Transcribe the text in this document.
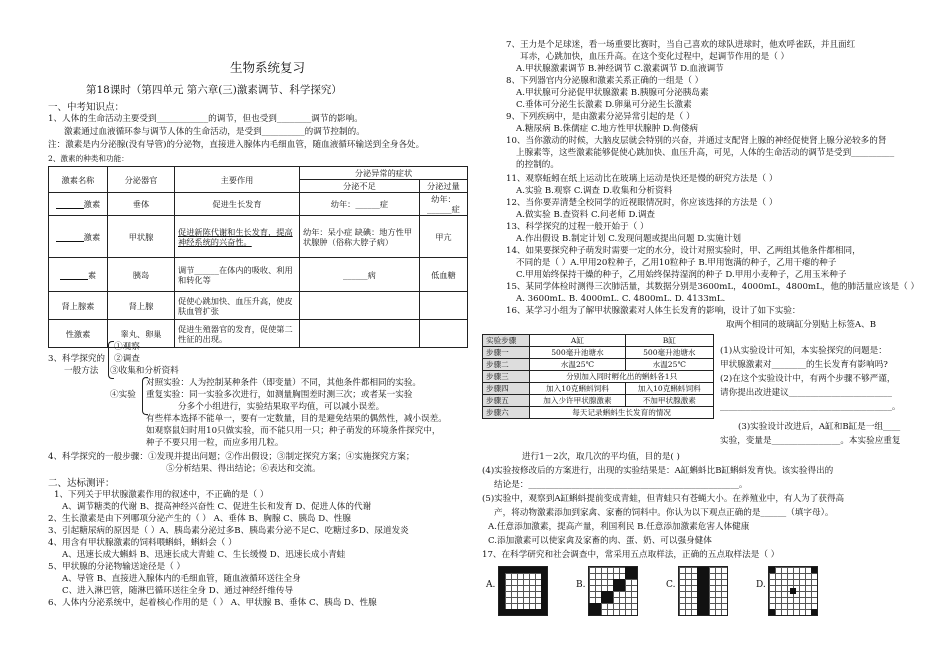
生物系统复习
第18课时（第四单元 第六章(三)激素调节、科学探究）
一、中考知识点：
1、人体的生命活动主要受到____________的调节，但也受到________调节的影响。
激素通过血液循环参与调节人体的生命活动，是受到__________的调节控制的。
注：激素是内分泌腺(没有导管)的分泌物，直接进入腺体内毛细血管，随血液循环输送到全身各处。
2、激素的种类和功能：
激素名称	分泌器官	主要作用	分泌异常的症状	
			分泌不足	分泌过量
激素	垂体	促进生长发育	幼年：______症	幼年：______症
激素	甲状腺	促进新陈代谢和生长发育，提高神经系统的兴奋性。	幼年：呆小症 缺碘：地方性甲状腺肿（俗称大脖子病）	甲亢
素	胰岛	调节______在体内的吸收、利用和转化等	______病	低血糖
肾上腺素	肾上腺	促使心跳加快、血压升高，使皮肤血管扩张		
性激素	睾丸、卵巢	促进生殖器官的发育，促使第二性征的出现。		
①观察
3、科学探究的 ②调查
一般方法 ③收集和分析资料
对照实验：人为控制某种条件（即变量）不同，其他条件都相同的实验。
④实验 重复实验：同一实验多次进行，如测量胸围差时测三次；或者某一实验
分多个小组进行，实验结果取平均值，可以减小误差。
有些样本选择不能单一，要有一定数量，目的是避免结果的偶然性，减小误差。
如观察鼠妇时用10只做实验，而不能只用一只；种子萌发的环境条件探究中，
种子不要只用一粒，而应多用几粒。
4、科学探究的一般步骤：①发现并提出问题；②作出假设；③制定探究方案；④实施探究方案；
⑤分析结果、得出结论；⑥表达和交流。
二、达标测评：
1、下列关于甲状腺激素作用的叙述中，不正确的是（ ）
A、调节糖类的代谢 B、提高神经兴奋性 C、促进生长和发育 D、促进人体的代谢
2、生长激素是由下列哪项分泌产生的（ ） A、垂体 B、胸腺 C、胰岛 D、性腺
3、引起糖尿病的原因是（ ）A、胰岛素分泌过多B、胰岛素分泌不足C、吃糖过多D、尿道发炎
4、用含有甲状腺激素的饲料喂蝌蚪，蝌蚪会（ ）
A、迅速长成大蝌蚪 B、迅速长成大青蛙 C、生长缓慢 D、迅速长成小青蛙
5、甲状腺的分泌物输送途径是（ ）
A、导管 B、直接进入腺体内的毛细血管，随血液循环送往全身
C、进入淋巴管，随淋巴循环送往全身 D、通过神经纤维传导
6、人体内分泌系统中，起着核心作用的是（ ） A、甲状腺 B、垂体 C、胰岛 D、性腺
7、王力是个足球迷，看一场重要比赛时，当自己喜欢的球队进球时，他欢呼雀跃，并且面红
耳赤，心跳加快，血压升高。在这个变化过程中，起调节作用的是（ ）
A.甲状腺激素调节 B.神经调节 C.激素调节 D.血液调节
8、下列器官内分泌腺和激素关系正确的一组是（ ）
A.甲状腺可分泌促甲状腺激素 B.胰腺可分泌胰岛素
C.垂体可分泌生长激素 D.卵巢可分泌生长激素
9、下列疾病中，是由激素分泌异常引起的是（ ）
A.糖尿病 B.侏儒症 C.地方性甲状腺肿 D.佝偻病
10、当你激动的时候，大脑皮层就会特别的兴奋，并通过支配肾上腺的神经促使肾上腺分泌较多的肾
上腺素等，这些激素能够促使心跳加快、血压升高，可见，人体的生命活动的调节是受到__________
的控制的。
11、观察蚯蚓在纸上运动比在玻璃上运动是快还是慢的研究方法是（ ）
A.实验 B.观察 C.调查 D.收集和分析资料
12、当你要弄清楚全校同学的近视眼情况时，你应该选择的方法是（ ）
A.做实验 B.查资料 C.问老师 D.调查
13、科学探究的过程一般开始于（ ）
A.作出假设 B.制定计划 C.发现问题或提出问题 D.实施计划
14、如果要探究种子萌发时需要一定的水分，设计对照实验时，甲、乙两组其他条件都相同，
不同的是（ ）A.甲用20粒种子，乙用10粒种子 B.甲用饱满的种子，乙用干瘪的种子
C.甲用始终保持干燥的种子，乙用始终保持湿润的种子 D.甲用小麦种子，乙用玉米种子
15、某同学体检时测得三次肺活量，其数据分别是3600mL，4000mL，4800mL，他的肺活量应该是（ ）
A. 3600mL. B. 4000mL. C. 4800mL. D. 4133mL.
16、某学习小组为了解甲状腺激素对人体生长发育的影响，设计了如下实验：
取两个相同的玻璃缸分别贴上标签A、B
实验步骤	A缸	B缸
步骤一	500毫升池塘水	500毫升池塘水
步骤二	水温25℃	水温25℃
步骤三	分别加入同时孵化出的蝌蚪各1只	
步骤四	加入10克蝌蚪饲料	加入10克蝌蚪饲料
步骤五	加入少许甲状腺激素	不加甲状腺激素
步骤六	每天记录蝌蚪生长发育的情况	
(1)从实验设计可知，本实验探究的问题是：
甲状腺激素对________的生长发育有影响吗?
(2)在这个实验设计中，有两个步骤不够严谨，
请你提出改进建议________________________
________________________________________。
(3)实验设计改进后，A缸和B缸是一组____
实验，变量是________________。本实验应重复
进行1－2次，取几次的平均值，目的是( )
(4)实验按修改后的方案进行，出现的实验结果是：A缸蝌蚪比B缸蝌蚪发育快。该实验得出的
结论是：_________________________________________________。
(5)实验中，观察到A缸蝌蚪提前变成青蛙，但青蛙只有苍蝇大小。在养殖业中，有人为了获得高
产，将动物激素添加到家禽、家畜的饲料中。你认为以下观点正确的是______（填字母）。
A.任意添加激素，提高产量，利国利民 B.任意添加激素危害人体健康
C.添加激素可以使家禽及家畜的肉、蛋、奶、可以强身健体
17、在科学研究和社会调查中，常采用五点取样法，正确的五点取样法是（ ）
A.	B.	C.	D.
